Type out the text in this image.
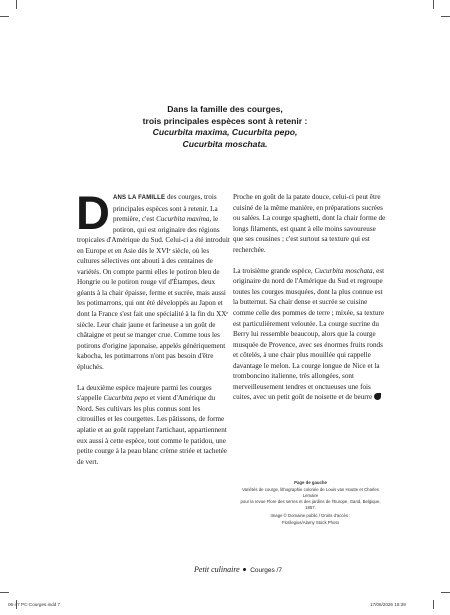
Dans la famille des courges,
trois principales espèces sont à retenir :
Cucurbita maxima, Cucurbita pepo,
Cucurbita moschata.

DANS LA FAMILLE des courges, trois principales espèces sont à retenir. La première, c'est Cucurbita maxima, le potiron, qui est originaire des régions tropicales d'Amérique du Sud. Celui-ci a été introduit en Europe et en Asie dès le XVIᵉ siècle, où les cultures sélectives ont abouti à des centaines de variétés. On compte parmi elles le potiron bleu de Hongrie ou le potiron rouge vif d'Étampes, deux géants à la chair épaisse, ferme et sucrée, mais aussi les potimarrons, qui ont été développés au Japon et dont la France s'est fait une spécialité à la fin du XXᵉ siècle. Leur chair jaune et farineuse a un goût de châtaigne et peut se manger crue. Comme tous les potirons d'origine japonaise, appelés génériquement kabocha, les potimarrons n'ont pas besoin d'être épluchés.

La deuxième espèce majeure parmi les courges s'appelle Cucurbita pepo et vient d'Amérique du Nord. Ses cultivars les plus connus sont les citrouilles et les courgettes. Les pâtissons, de forme aplatie et au goût rappelant l'artichaut, appartiennent eux aussi à cette espèce, tout comme le patidou, une petite courge à la peau blanc crème striée et tachetée de vert.

Proche en goût de la patate douce, celui-ci peut être cuisiné de la même manière, en préparations sucrées ou salées. La courge spaghetti, dont la chair forme de longs filaments, est quant à elle moins savoureuse que ses cousines ; c'est surtout sa texture qui est recherchée.

La troisième grande espèce, Cucurbita moschata, est originaire du nord de l'Amérique du Sud et regroupe toutes les courges musquées, dont la plus connue est la butternut. Sa chair dense et sucrée se cuisine comme celle des pommes de terre ; mixée, sa texture est particulièrement veloutée. La courge sucrine du Berry lui ressemble beaucoup, alors que la courge musquée de Provence, avec ses énormes fruits ronds et côtelés, à une chair plus mouillée qui rappelle davantage le melon. La courge longue de Nice et la tromboncino italienne, très allongées, sont merveilleusement tendres et onctueuses une fois cuites, avec un petit goût de noisette et de beurre

Page de gauche
Variétés de courge, lithographie coloriée de Louis van Houtte et Charles Lemaire
pour la revue Flore des serres et des jardins de l'Europe, Gand, Belgique, 1857.
Image © Domaine public / Droits d'accès :
Florilegius/Alamy Stock Photo
Petit culinaire Courges /7
06-47 PC-Courges.indd 7	17/06/2026 15:39
